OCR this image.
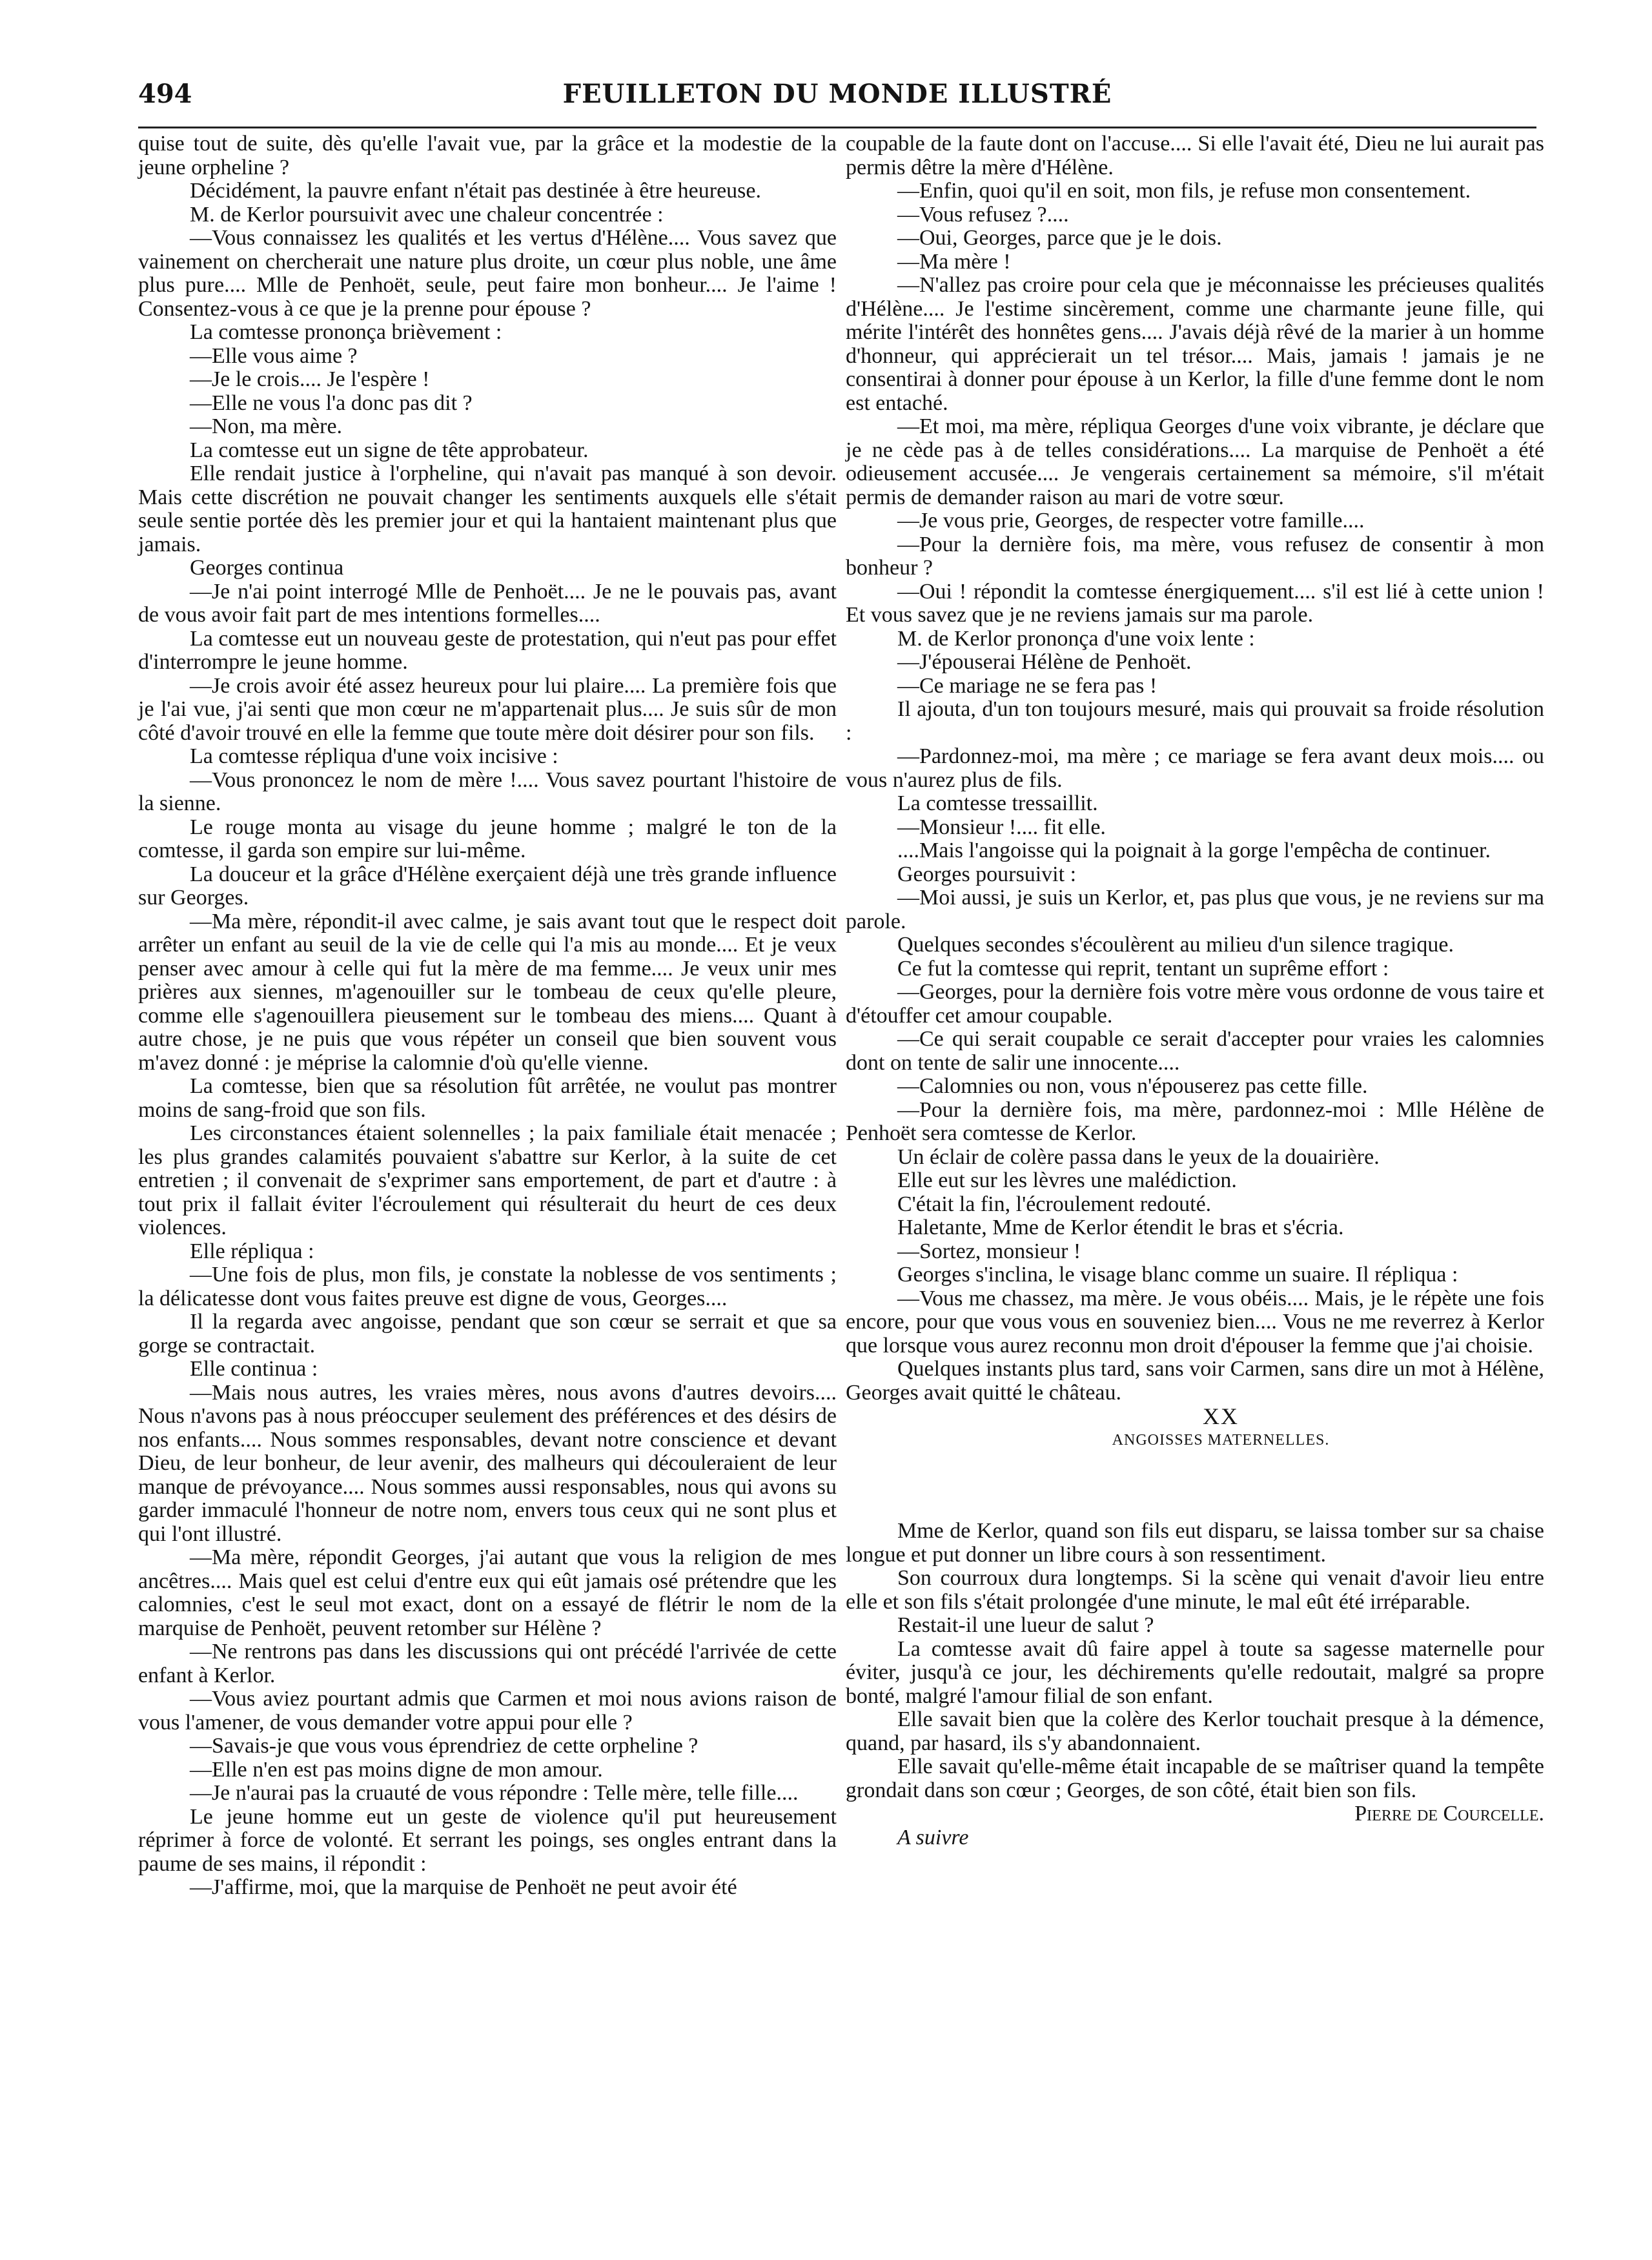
494	FEUILLETON DU MONDE ILLUSTRÉ

quise tout de suite, dès qu'elle l'avait vue, par la grâce et la modestie de la jeune orpheline ?

Décidément, la pauvre enfant n'était pas destinée à être heureuse.

M. de Kerlor poursuivit avec une chaleur concentrée :

—Vous connaissez les qualités et les vertus d'Hélène.... Vous savez que vainement on chercherait une nature plus droite, un cœur plus noble, une âme plus pure.... Mlle de Penhoët, seule, peut faire mon bonheur.... Je l'aime ! Consentez-vous à ce que je la prenne pour épouse ?

La comtesse prononça brièvement :

—Elle vous aime ?

—Je le crois.... Je l'espère !

—Elle ne vous l'a donc pas dit ?

—Non, ma mère.

La comtesse eut un signe de tête approbateur.

Elle rendait justice à l'orpheline, qui n'avait pas manqué à son devoir. Mais cette discrétion ne pouvait changer les sentiments auxquels elle s'était seule sentie portée dès les premier jour et qui la hantaient maintenant plus que jamais.

Georges continua

—Je n'ai point interrogé Mlle de Penhoët.... Je ne le pouvais pas, avant de vous avoir fait part de mes intentions formelles....

La comtesse eut un nouveau geste de protestation, qui n'eut pas pour effet d'interrompre le jeune homme.

—Je crois avoir été assez heureux pour lui plaire.... La première fois que je l'ai vue, j'ai senti que mon cœur ne m'appartenait plus.... Je suis sûr de mon côté d'avoir trouvé en elle la femme que toute mère doit désirer pour son fils.

La comtesse répliqua d'une voix incisive :

—Vous prononcez le nom de mère !.... Vous savez pourtant l'histoire de la sienne.

Le rouge monta au visage du jeune homme ; malgré le ton de la comtesse, il garda son empire sur lui-même.

La douceur et la grâce d'Hélène exerçaient déjà une très grande influence sur Georges.

—Ma mère, répondit-il avec calme, je sais avant tout que le respect doit arrêter un enfant au seuil de la vie de celle qui l'a mis au monde.... Et je veux penser avec amour à celle qui fut la mère de ma femme.... Je veux unir mes prières aux siennes, m'agenouiller sur le tombeau de ceux qu'elle pleure, comme elle s'agenouillera pieusement sur le tombeau des miens.... Quant à autre chose, je ne puis que vous répéter un conseil que bien souvent vous m'avez donné : je méprise la calomnie d'où qu'elle vienne.

La comtesse, bien que sa résolution fût arrêtée, ne voulut pas montrer moins de sang-froid que son fils.

Les circonstances étaient solennelles ; la paix familiale était menacée ; les plus grandes calamités pouvaient s'abattre sur Kerlor, à la suite de cet entretien ; il convenait de s'exprimer sans emportement, de part et d'autre : à tout prix il fallait éviter l'écroulement qui résulterait du heurt de ces deux violences.

Elle répliqua :

—Une fois de plus, mon fils, je constate la noblesse de vos sentiments ; la délicatesse dont vous faites preuve est digne de vous, Georges....

Il la regarda avec angoisse, pendant que son cœur se serrait et que sa gorge se contractait.

Elle continua :

—Mais nous autres, les vraies mères, nous avons d'autres devoirs.... Nous n'avons pas à nous préoccuper seulement des préférences et des désirs de nos enfants.... Nous sommes responsables, devant notre conscience et devant Dieu, de leur bonheur, de leur avenir, des malheurs qui découleraient de leur manque de prévoyance.... Nous sommes aussi responsables, nous qui avons su garder immaculé l'honneur de notre nom, envers tous ceux qui ne sont plus et qui l'ont illustré.

—Ma mère, répondit Georges, j'ai autant que vous la religion de mes ancêtres.... Mais quel est celui d'entre eux qui eût jamais osé prétendre que les calomnies, c'est le seul mot exact, dont on a essayé de flétrir le nom de la marquise de Penhoët, peuvent retomber sur Hélène ?

—Ne rentrons pas dans les discussions qui ont précédé l'arrivée de cette enfant à Kerlor.

—Vous aviez pourtant admis que Carmen et moi nous avions raison de vous l'amener, de vous demander votre appui pour elle ?

—Savais-je que vous vous éprendriez de cette orpheline ?

—Elle n'en est pas moins digne de mon amour.

—Je n'aurai pas la cruauté de vous répondre : Telle mère, telle fille....

Le jeune homme eut un geste de violence qu'il put heureusement réprimer à force de volonté. Et serrant les poings, ses ongles entrant dans la paume de ses mains, il répondit :

—J'affirme, moi, que la marquise de Penhoët ne peut avoir été

coupable de la faute dont on l'accuse.... Si elle l'avait été, Dieu ne lui aurait pas permis dêtre la mère d'Hélène.

—Enfin, quoi qu'il en soit, mon fils, je refuse mon consentement.

—Vous refusez ?....

—Oui, Georges, parce que je le dois.

—Ma mère !

—N'allez pas croire pour cela que je méconnaisse les précieuses qualités d'Hélène.... Je l'estime sincèrement, comme une charmante jeune fille, qui mérite l'intérêt des honnêtes gens.... J'avais déjà rêvé de la marier à un homme d'honneur, qui apprécierait un tel trésor.... Mais, jamais ! jamais je ne consentirai à donner pour épouse à un Kerlor, la fille d'une femme dont le nom est entaché.

—Et moi, ma mère, répliqua Georges d'une voix vibrante, je déclare que je ne cède pas à de telles considérations.... La marquise de Penhoët a été odieusement accusée.... Je vengerais certainement sa mémoire, s'il m'était permis de demander raison au mari de votre sœur.

—Je vous prie, Georges, de respecter votre famille....

—Pour la dernière fois, ma mère, vous refusez de consentir à mon bonheur ?

—Oui ! répondit la comtesse énergiquement.... s'il est lié à cette union ! Et vous savez que je ne reviens jamais sur ma parole.

M. de Kerlor prononça d'une voix lente :

—J'épouserai Hélène de Penhoët.

—Ce mariage ne se fera pas !

Il ajouta, d'un ton toujours mesuré, mais qui prouvait sa froide résolution :

—Pardonnez-moi, ma mère ; ce mariage se fera avant deux mois.... ou vous n'aurez plus de fils.

La comtesse tressaillit.

—Monsieur !.... fit elle.

....Mais l'angoisse qui la poignait à la gorge l'empêcha de continuer.

Georges poursuivit :

—Moi aussi, je suis un Kerlor, et, pas plus que vous, je ne reviens sur ma parole.

Quelques secondes s'écoulèrent au milieu d'un silence tragique.

Ce fut la comtesse qui reprit, tentant un suprême effort :

—Georges, pour la dernière fois votre mère vous ordonne de vous taire et d'étouffer cet amour coupable.

—Ce qui serait coupable ce serait d'accepter pour vraies les calomnies dont on tente de salir une innocente....

—Calomnies ou non, vous n'épouserez pas cette fille.

—Pour la dernière fois, ma mère, pardonnez-moi : Mlle Hélène de Penhoët sera comtesse de Kerlor.

Un éclair de colère passa dans le yeux de la douairière.

Elle eut sur les lèvres une malédiction.

C'était la fin, l'écroulement redouté.

Haletante, Mme de Kerlor étendit le bras et s'écria.

—Sortez, monsieur !

Georges s'inclina, le visage blanc comme un suaire. Il répliqua :

—Vous me chassez, ma mère. Je vous obéis.... Mais, je le répète une fois encore, pour que vous vous en souveniez bien.... Vous ne me reverrez à Kerlor que lorsque vous aurez reconnu mon droit d'épouser la femme que j'ai choisie.

Quelques instants plus tard, sans voir Carmen, sans dire un mot à Hélène, Georges avait quitté le château.

XX

ANGOISSES MATERNELLES.

Mme de Kerlor, quand son fils eut disparu, se laissa tomber sur sa chaise longue et put donner un libre cours à son ressentiment.

Son courroux dura longtemps. Si la scène qui venait d'avoir lieu entre elle et son fils s'était prolongée d'une minute, le mal eût été irréparable.

Restait-il une lueur de salut ?

La comtesse avait dû faire appel à toute sa sagesse maternelle pour éviter, jusqu'à ce jour, les déchirements qu'elle redoutait, malgré sa propre bonté, malgré l'amour filial de son enfant.

Elle savait bien que la colère des Kerlor touchait presque à la démence, quand, par hasard, ils s'y abandonnaient.

Elle savait qu'elle-même était incapable de se maîtriser quand la tempête grondait dans son cœur ; Georges, de son côté, était bien son fils.

Pierre de Courcelle.

A suivre
